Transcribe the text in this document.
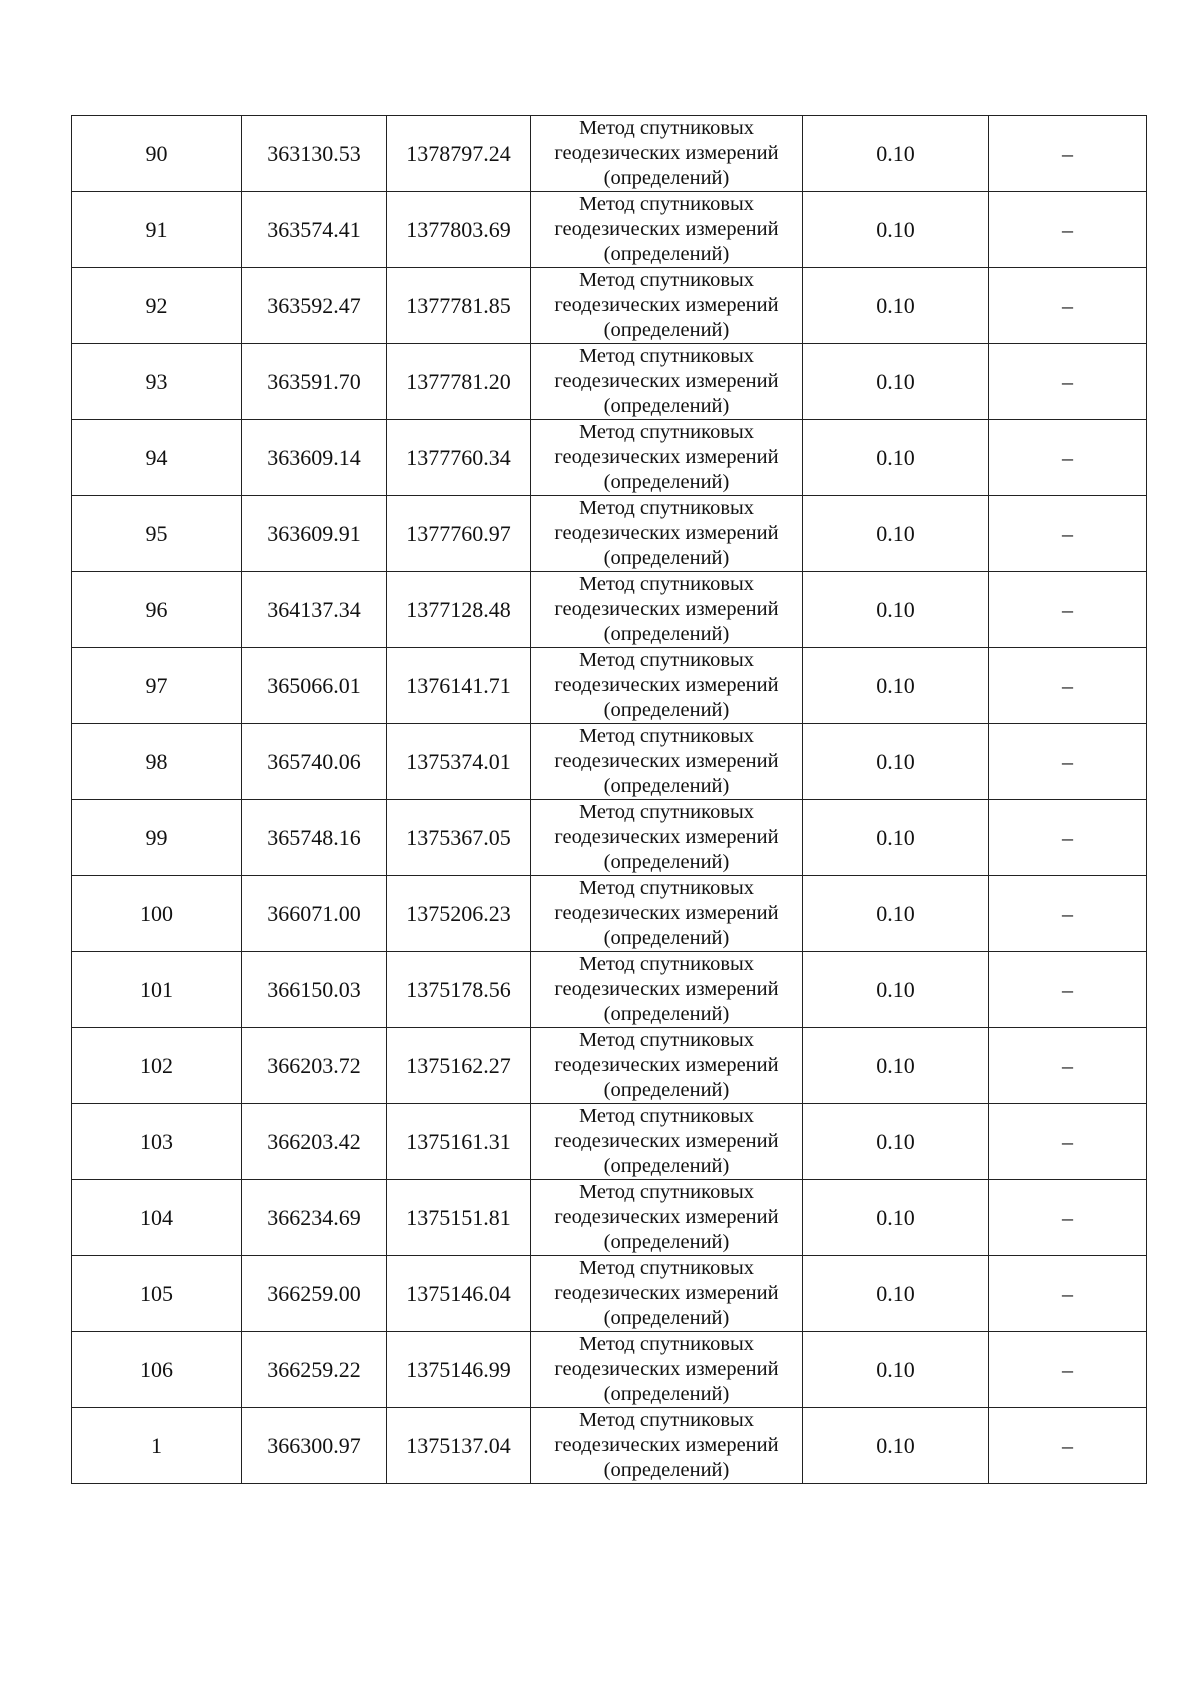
90	363130.53	1378797.24	Метод спутниковых
геодезических измерений
(определений)	0.10	–
91	363574.41	1377803.69	Метод спутниковых
геодезических измерений
(определений)	0.10	–
92	363592.47	1377781.85	Метод спутниковых
геодезических измерений
(определений)	0.10	–
93	363591.70	1377781.20	Метод спутниковых
геодезических измерений
(определений)	0.10	–
94	363609.14	1377760.34	Метод спутниковых
геодезических измерений
(определений)	0.10	–
95	363609.91	1377760.97	Метод спутниковых
геодезических измерений
(определений)	0.10	–
96	364137.34	1377128.48	Метод спутниковых
геодезических измерений
(определений)	0.10	–
97	365066.01	1376141.71	Метод спутниковых
геодезических измерений
(определений)	0.10	–
98	365740.06	1375374.01	Метод спутниковых
геодезических измерений
(определений)	0.10	–
99	365748.16	1375367.05	Метод спутниковых
геодезических измерений
(определений)	0.10	–
100	366071.00	1375206.23	Метод спутниковых
геодезических измерений
(определений)	0.10	–
101	366150.03	1375178.56	Метод спутниковых
геодезических измерений
(определений)	0.10	–
102	366203.72	1375162.27	Метод спутниковых
геодезических измерений
(определений)	0.10	–
103	366203.42	1375161.31	Метод спутниковых
геодезических измерений
(определений)	0.10	–
104	366234.69	1375151.81	Метод спутниковых
геодезических измерений
(определений)	0.10	–
105	366259.00	1375146.04	Метод спутниковых
геодезических измерений
(определений)	0.10	–
106	366259.22	1375146.99	Метод спутниковых
геодезических измерений
(определений)	0.10	–
1	366300.97	1375137.04	Метод спутниковых
геодезических измерений
(определений)	0.10	–
